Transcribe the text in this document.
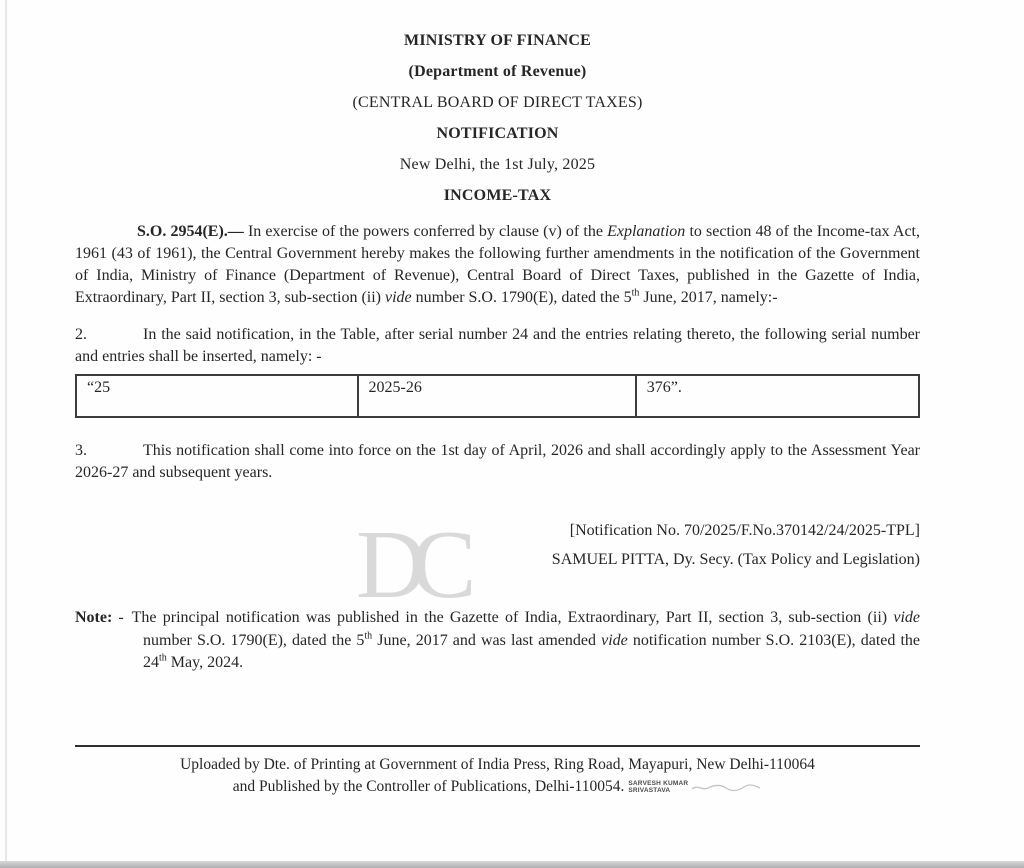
DC
MINISTRY OF FINANCE
(Department of Revenue)
(CENTRAL BOARD OF DIRECT TAXES)
NOTIFICATION
New Delhi, the 1st July, 2025
INCOME-TAX

S.O. 2954(E).— In exercise of the powers conferred by clause (v) of the Explanation to section 48 of the Income-tax Act, 1961 (43 of 1961), the Central Government hereby makes the following further amendments in the notification of the Government of India, Ministry of Finance (Department of Revenue), Central Board of Direct Taxes, published in the Gazette of India, Extraordinary, Part II, section 3, sub-section (ii) vide number S.O. 1790(E), dated the 5th June, 2017, namely:-

2.	In the said notification, in the Table, after serial number 24 and the entries relating thereto, the following serial number and entries shall be inserted, namely: -

“25	2025-26	376”.

3.	This notification shall come into force on the 1st day of April, 2026 and shall accordingly apply to the Assessment Year 2026-27 and subsequent years.

[Notification No. 70/2025/F.No.370142/24/2025-TPL]
SAMUEL PITTA, Dy. Secy. (Tax Policy and Legislation)

Note: - The principal notification was published in the Gazette of India, Extraordinary, Part II, section 3, sub-section (ii) vide number S.O. 1790(E), dated the 5th June, 2017 and was last amended vide notification number S.O. 2103(E), dated the 24th May, 2024.

Uploaded by Dte. of Printing at Government of India Press, Ring Road, Mayapuri, New Delhi-110064
and Published by the Controller of Publications, Delhi-110054. SARVESH KUMAR
SRIVASTAVA
